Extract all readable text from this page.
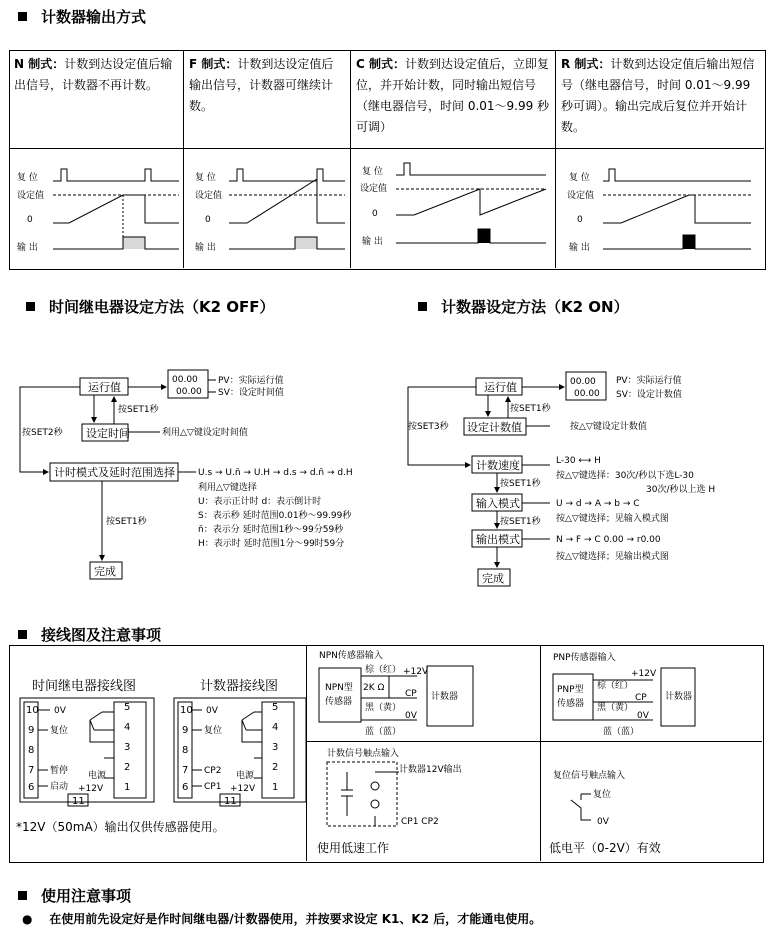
计数器输出方式
N 制式：计数到达设定值后输出信号，计数器不再计数。
F 制式：计数到达设定值后输出信号，计数器可继续计数。
C 制式：计数到达设定值后，立即复位，并开始计数，同时输出短信号（继电器信号，时间 0.01～9.99 秒可调）
R 制式：计数到达设定值后输出短信号（继电器信号，时间 0.01～9.99 秒可调）。输出完成后复位并开始计数。
复 位
设定值
0
输 出
复 位
设定值
0
输 出
复 位
设定值
0
输 出
复 位
设定值
0
输 出
时间继电器设定方法（K2 OFF）	计数器设定方法（K2 ON）
00.00
00.00
PV：实际运行值
SV：设定时间值
运行值
按SET1秒
按SET2秒 设定时间	利用△▽键设定时间值
计时模式及延时范围选择	U.s → U.n̄ → U.H → d.s → d.n̄ → d.H
利用△▽键选择
U：表示正计时 d：表示倒计时
S：表示秒 延时范围0.01秒～99.99秒
n̄：表示分 延时范围1秒～99分59秒
H：表示时 延时范围1分～99时59分
按SET1秒
完成
00.00
00.00
PV：实际运行值
SV：设定计数值
运行值
按SET1秒
按SET3秒 设定计数值	按△▽键设定计数值
计数速度	L-30 ⟷ H
按△▽键选择：30次/秒以下选L-30
30次/秒以上选 H
按SET1秒
输入模式	U → d → A → b → C
按△▽键选择；见输入模式图
按SET1秒
输出模式	N → F → C 0.00 → r0.00
按△▽键选择；见输出模式图
完成
接线图及注意事项
时间继电器接线图	计数器接线图
10
9
8
7
6
5
4
3
2
1
11
0V
复位
暂停
启动
电源
+12V
10
9
8
7
6
5
4
3
2
1
11
0V
复位
CP2
CP1
电源
+12V
*12V（50mA）输出仅供传感器使用。
NPN传感器输入
NPN型
传感器
棕（红）
2K Ω
黑（黄）
蓝（蓝）
+12V
CP
0V
计数器
PNP传感器输入
PNP型
传感器
棕（红）
黑（黄）
蓝（蓝）
+12V
CP
0V
计数器
计数信号触点输入
计数器12V输出
CP1 CP2
使用低速工作
复位信号触点输入
复位
0V
低电平（0-2V）有效
使用注意事项
●    在使用前先设定好是作时间继电器/计数器使用，并按要求设定 K1、K2 后，才能通电使用。
